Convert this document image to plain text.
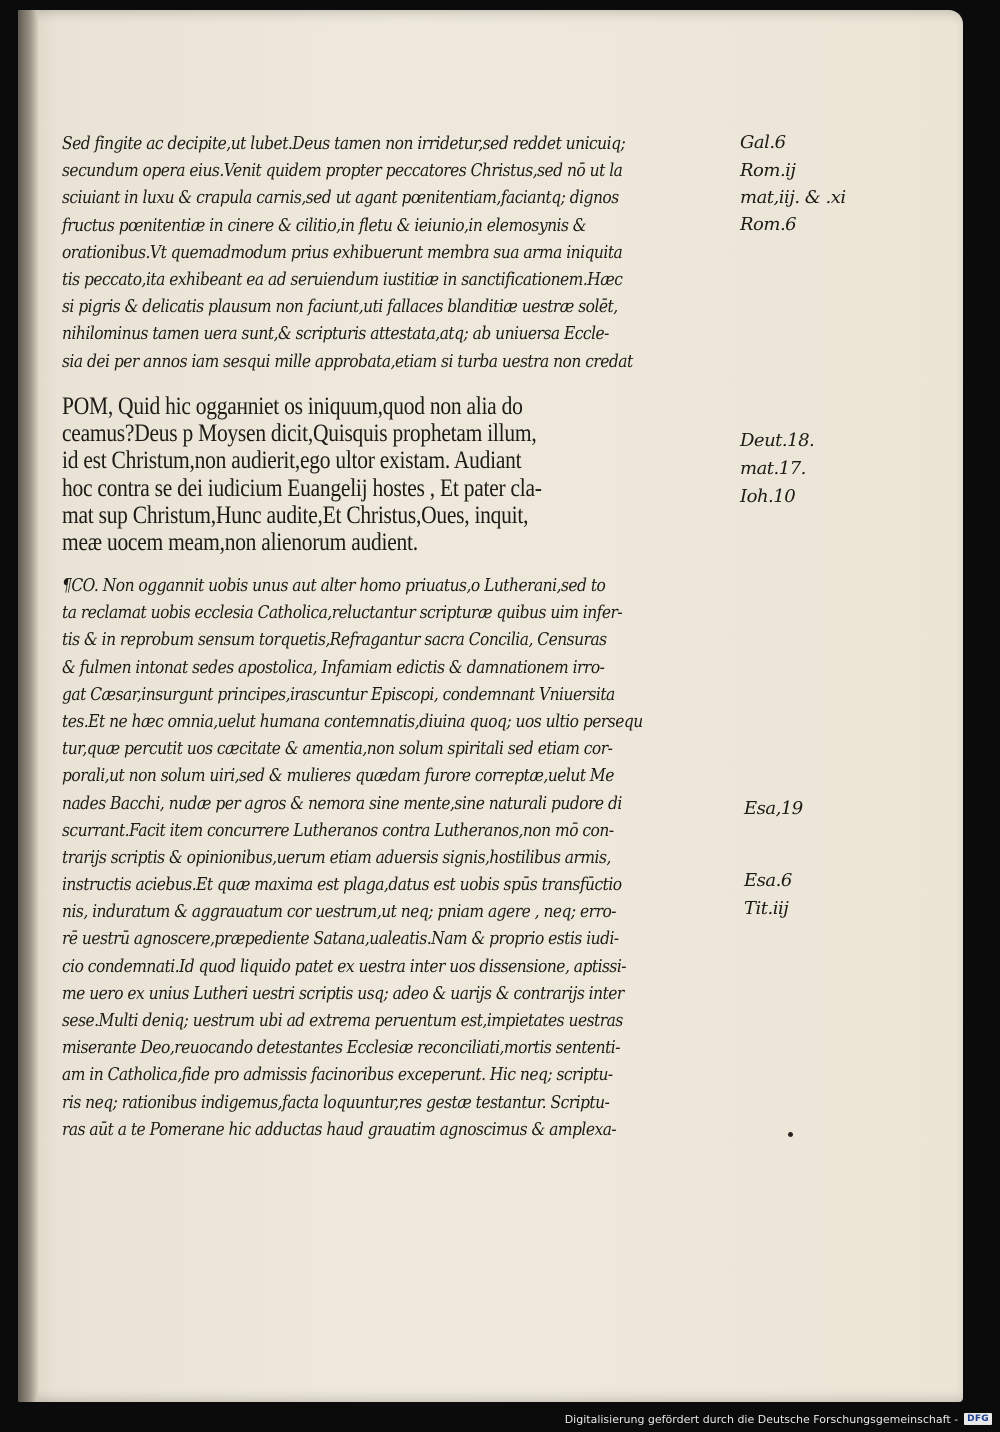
Sed fingite ac decipite,ut lubet.Deus tamen non irridetur,sed reddet unicuiq;
secundum opera eius.Venit quidem propter peccatores Christus,sed nō ut la
sciuiant in luxu & crapula carnis,sed ut agant pœnitentiam,faciantq; dignos
fructus pœnitentiæ in cinere & cilitio,in fletu & ieiunio,in elemosynis &
orationibus.Vt quemadmodum prius exhibuerunt membra sua arma iniquita
tis peccato,ita exhibeant ea ad seruiendum iustitiæ in sanctificationem.Hæc
si pigris & delicatis plausum non faciunt,uti fallaces blanditiæ uestræ solēt,
nihilominus tamen uera sunt,& scripturis attestata,atq; ab uniuersa Eccle-
sia dei per annos iam sesqui mille approbata,etiam si turba uestra non credat
POM, Quid hic oggанniet os iniquum,quod non alia do
ceamus?Deus p Moysen dicit,Quisquis prophetam illum,
id est Christum,non audierit,ego ultor existam. Audiant
hoc contra se dei iudicium Euangelij hostes , Et pater cla-
mat sup Christum,Hunc audite,Et Christus,Oues, inquit,
meæ uocem meam,non alienorum audient.
¶CO. Non oggannit uobis unus aut alter homo priuatus,o Lutherani,sed to
ta reclamat uobis ecclesia Catholica,reluctantur scripturæ quibus uim infer-
tis & in reprobum sensum torquetis,Refragantur sacra Concilia, Censuras
& fulmen intonat sedes apostolica, Infamiam edictis & damnationem irro-
gat Cæsar,insurgunt principes,irascuntur Episcopi, condemnant Vniuersita
tes.Et ne hæc omnia,uelut humana contemnatis,diuina quoq; uos ultio persequ
tur,quæ percutit uos cæcitate & amentia,non solum spiritali sed etiam cor-
porali,ut non solum uiri,sed & mulieres quædam furore correptæ,uelut Me
nades Bacchi, nudæ per agros & nemora sine mente,sine naturali pudore di
scurrant.Facit item concurrere Lutheranos contra Lutheranos,non mō con-
trarijs scriptis & opinionibus,uerum etiam aduersis signis,hostilibus armis,
instructis aciebus.Et quæ maxima est plaga,datus est uobis spūs transfūctio
nis, induratum & aggrauatum cor uestrum,ut neq; pniam agere , neq; erro-
rē uestrū agnoscere,præpediente Satana,ualeatis.Nam & proprio estis iudi-
cio condemnati.Id quod liquido patet ex uestra inter uos dissensione, aptissi-
me uero ex unius Lutheri uestri scriptis usq; adeo & uarijs & contrarijs inter
sese.Multi deniq; uestrum ubi ad extrema peruentum est,impietates uestras
miserante Deo,reuocando detestantes Ecclesiæ reconciliati,mortis sententi-
am in Catholica,fide pro admissis facinoribus exceperunt. Hic neq; scriptu-
ris neq; rationibus indigemus,facta loquuntur,res gestæ testantur. Scriptu-
ras aūt a te Pomerane hic adductas haud grauatim agnoscimus & amplexa-
Gal.6
Rom.ij
mat,iij. & .xi
Rom.6
Deut.18.
mat.17.
Ioh.10
Esa,19
Esa.6
Tit.iij
Digitalisierung gefördert durch die Deutsche Forschungsgemeinschaft -	DFG
